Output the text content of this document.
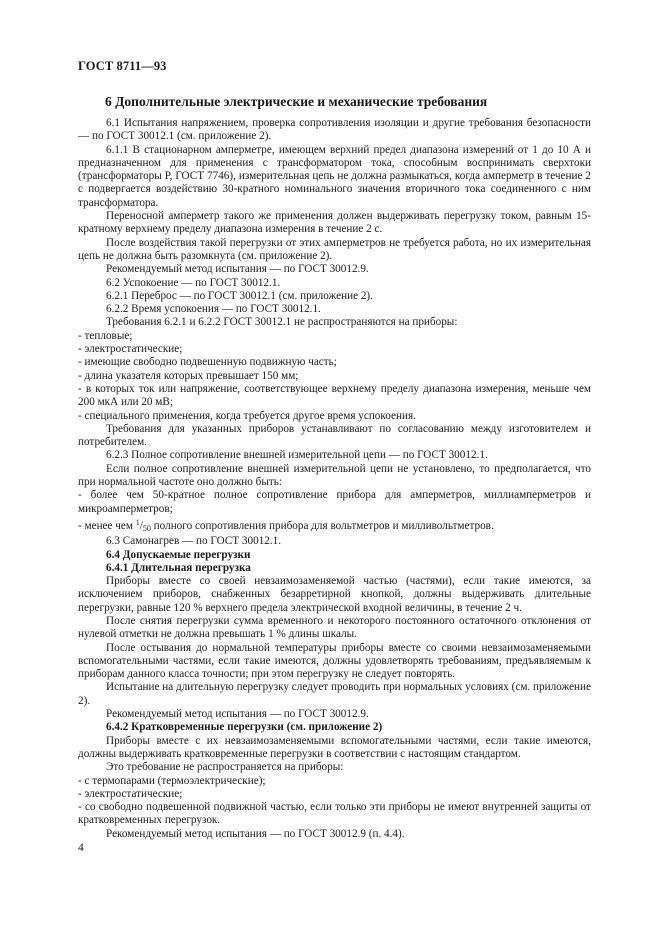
ГОСТ 8711—93
6 Дополнительные электрические и механические требования

6.1 Испытания напряжением, проверка сопротивления изоляции и другие требования безопасности — по ГОСТ 30012.1 (см. приложение 2).

6.1.1 В стационарном амперметре, имеющем верхний предел диапазона измерений от 1 до 10 А и предназначенном для применения с трансформатором тока, способным воспринимать сверхтоки (трансформаторы Р, ГОСТ 7746), измерительная цепь не должна размыкаться, когда амперметр в течение 2 с подвергается воздействию 30-кратного номинального значения вторичного тока соединенного с ним трансформатора.

Переносной амперметр такого же применения должен выдерживать перегрузку током, равным 15-кратному верхнему пределу диапазона измерения в течение 2 с.

После воздействия такой перегрузки от этих амперметров не требуется работа, но их измерительная цепь не должна быть разомкнута (см. приложение 2).

Рекомендуемый метод испытания — по ГОСТ 30012.9.

6.2 Успокоение — по ГОСТ 30012.1.

6.2.1 Переброс — по ГОСТ 30012.1 (см. приложение 2).

6.2.2 Время успокоения — по ГОСТ 30012.1.

Требования 6.2.1 и 6.2.2 ГОСТ 30012.1 не распространяются на приборы:

- тепловые;

- электростатические;

- имеющие свободно подвешенную подвижную часть;

- длина указателя которых превышает 150 мм;

- в которых ток или напряжение, соответствующее верхнему пределу диапазона измерения, меньше чем 200 мкА или 20 мВ;

- специального применения, когда требуется другое время успокоения.

Требования для указанных приборов устанавливают по согласованию между изготовителем и потребителем.

6.2.3 Полное сопротивление внешней измерительной цепи — по ГОСТ 30012.1.

Если полное сопротивление внешней измерительной цепи не установлено, то предполагается, что при нормальной частоте оно должно быть:

- более чем 50-кратное полное сопротивление прибора для амперметров, миллиамперметров и микроамперметров;

- менее чем $^1/_{50}$ полного сопротивления прибора для вольтметров и милливольтметров.

6.3 Самонагрев — по ГОСТ 30012.1.

6.4 Допускаемые перегрузки

6.4.1 Длительная перегрузка

Приборы вместе со своей невзаимозаменяемой частью (частями), если такие имеются, за исключением приборов, снабженных безарретирной кнопкой, должны выдерживать длительные перегрузки, равные 120 % верхнего предела электрической входной величины, в течение 2 ч.

После снятия перегрузки сумма временного и некоторого постоянного остаточного отклонения от нулевой отметки не должна превышать 1 % длины шкалы.

После остывания до нормальной температуры приборы вместе со своими невзаимозаменяемыми вспомогательными частями, если такие имеются, должны удовлетворять требованиям, предъявляемым к приборам данного класса точности; при этом перегрузку не следует повторять.

Испытание на длительную перегрузку следует проводить при нормальных условиях (см. приложение 2).

Рекомендуемый метод испытания — по ГОСТ 30012.9.

6.4.2 Кратковременные перегрузки (см. приложение 2)

Приборы вместе с их невзаимозаменяемыми вспомогательными частями, если такие имеются, должны выдерживать кратковременные перегрузки в соответствии с настоящим стандартом.

Это требование не распространяется на приборы:

- с термопарами (термоэлектрические);

- электростатические;

- со свободно подвешенной подвижной частью, если только эти приборы не имеют внутренней защиты от кратковременных перегрузок.

Рекомендуемый метод испытания — по ГОСТ 30012.9 (п. 4.4).

4
